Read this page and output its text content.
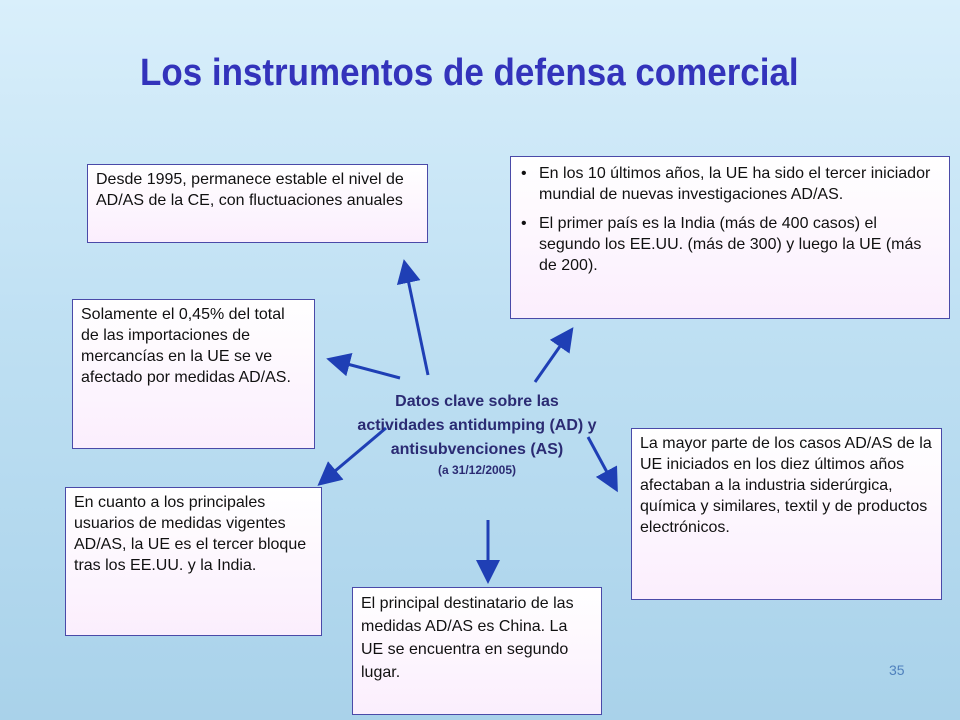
Los instrumentos de defensa comercial

Desde 1995, permanece estable el nivel de AD/AS de la CE, con fluctuaciones anuales

• En los 10 últimos años, la UE ha sido el tercer iniciador mundial de nuevas investigaciones AD/AS.
• El primer país es la India (más de 400 casos) el segundo los EE.UU. (más de 300) y luego la UE (más de 200).

Solamente el 0,45% del total de las importaciones de mercancías en la UE se ve afectado por medidas AD/AS.

La mayor parte de los casos AD/AS de la UE iniciados en los diez últimos años afectaban a la industria siderúrgica, química y similares, textil y de productos electrónicos.

En cuanto a los principales usuarios de medidas vigentes AD/AS, la UE es el tercer bloque tras los EE.UU. y la India.

El principal destinatario de las medidas AD/AS es China. La UE se encuentra en segundo lugar.

Datos clave sobre las actividades antidumping (AD) y antisubvenciones (AS)
(a 31/12/2005)
35
